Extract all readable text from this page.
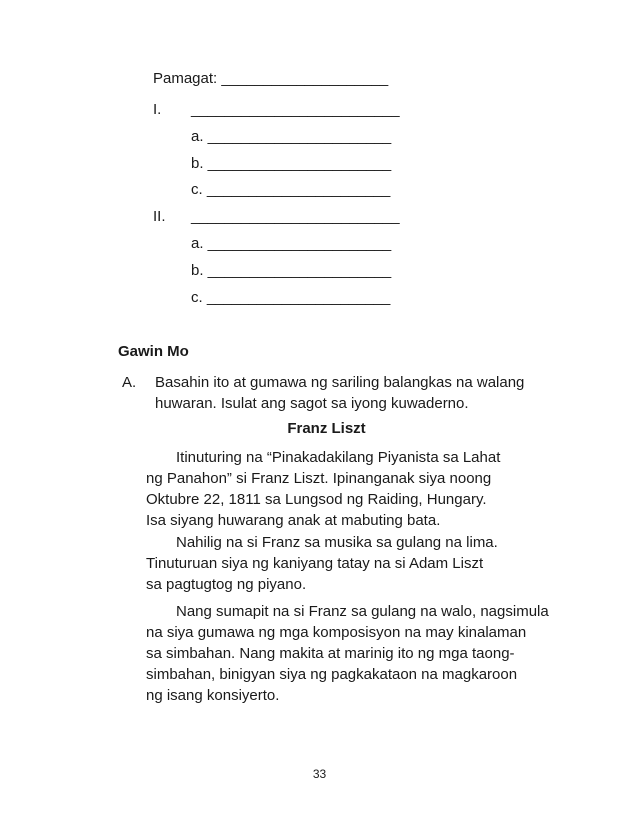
Pamagat: ____________________
I. _________________________
a. ______________________
b. ______________________
c. ______________________
II. _________________________
a. ______________________
b. ______________________
c. ______________________
Gawin Mo
A. Basahin ito at gumawa ng sariling balangkas na walang
huwaran. Isulat ang sagot sa iyong kuwaderno.
Franz Liszt
Itinuturing na “Pinakadakilang Piyanista sa Lahat
ng Panahon” si Franz Liszt. Ipinanganak siya noong
Oktubre 22, 1811 sa Lungsod ng Raiding, Hungary.
Isa siyang huwarang anak at mabuting bata.
Nahilig na si Franz sa musika sa gulang na lima.
Tinuturuan siya ng kaniyang tatay na si Adam Liszt
sa pagtugtog ng piyano.
Nang sumapit na si Franz sa gulang na walo, nagsimula
na siya gumawa ng mga komposisyon na may kinalaman
sa simbahan. Nang makita at marinig ito ng mga taong-
simbahan, binigyan siya ng pagkakataon na magkaroon
ng isang konsiyerto.
33
